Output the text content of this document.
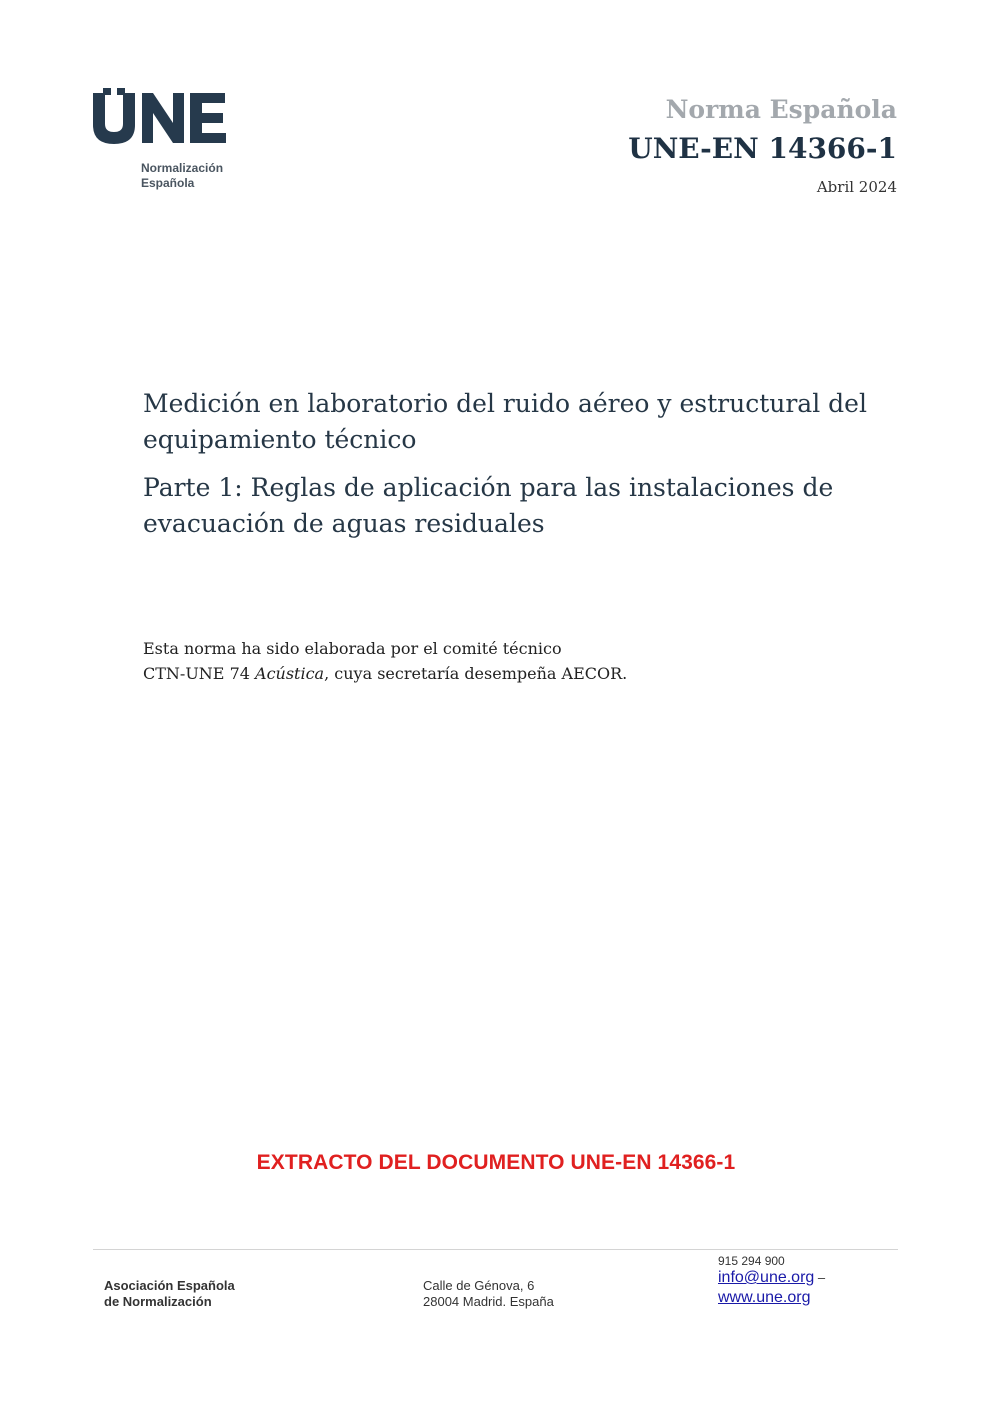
Normalización
Española

Norma Española

UNE-EN 14366-1

Abril 2024
Medición en laboratorio del ruido aéreo y estructural del equipamiento técnico
Parte 1: Reglas de aplicación para las instalaciones de evacuación de aguas residuales

Esta norma ha sido elaborada por el comité técnico

CTN-UNE 74 Acústica, cuya secretaría desempeña AECOR.

EXTRACTO DEL DOCUMENTO UNE-EN 14366-1
Asociación Española
de Normalización
Calle de Génova, 6
28004 Madrid. España
915 294 900
info@une.org –
www.une.org
